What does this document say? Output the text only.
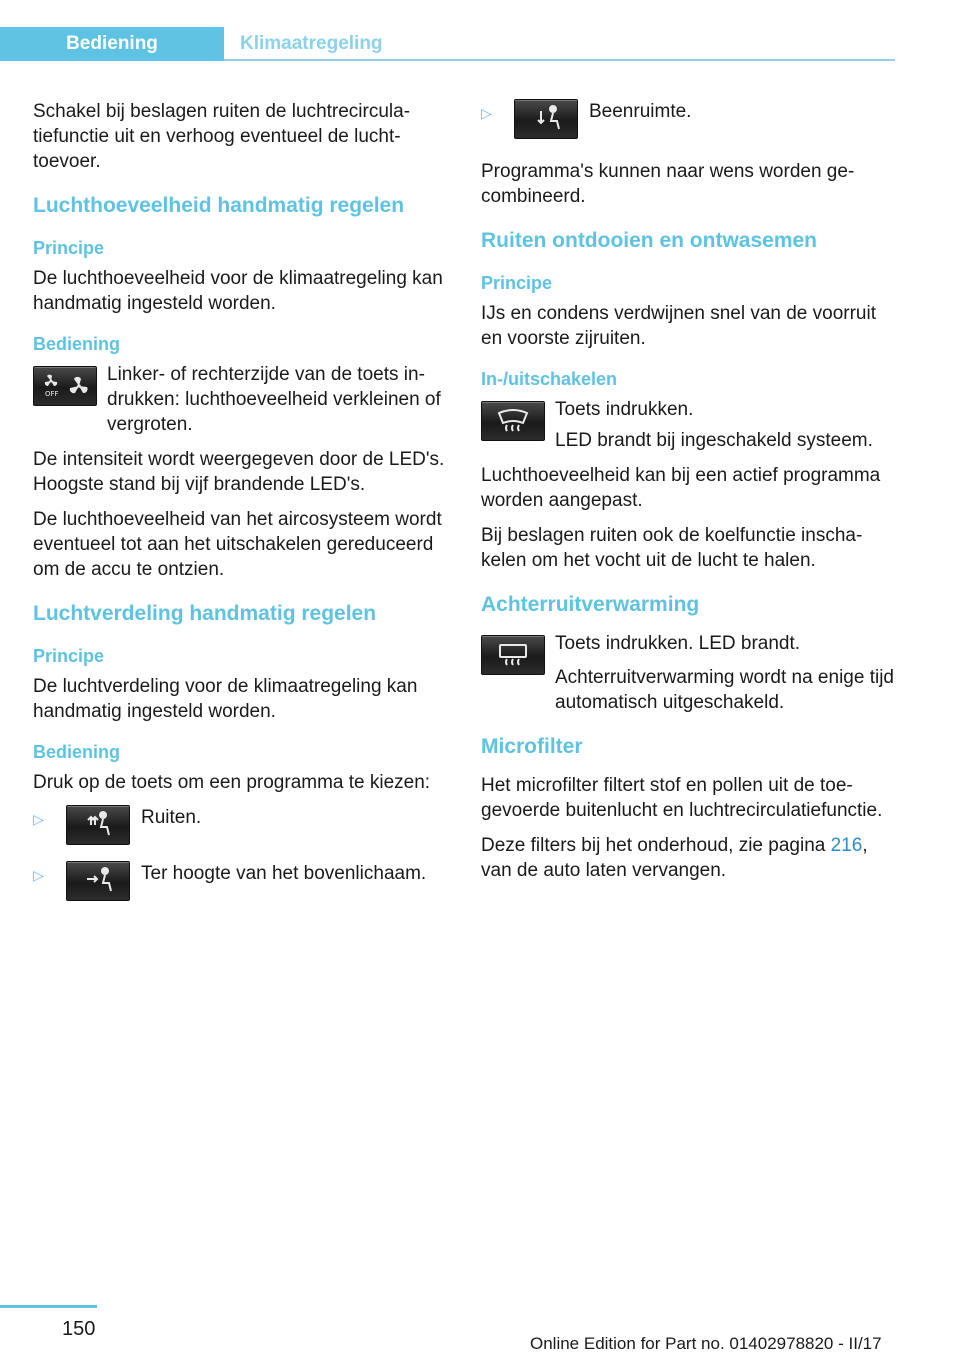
Bediening	Klimaatregeling

Schakel bij beslagen ruiten de luchtrecirculatiefunctie uit en verhoog eventueel de luchttoevoer.

Luchthoeveelheid handmatig regelen
Principe

De luchthoeveelheid voor de klimaatregeling kan handmatig ingesteld worden.

Bediening
OFF

Linker- of rechterzijde van de toets indrukken: luchthoeveelheid verkleinen of vergroten.

De intensiteit wordt weergegeven door de LED's. Hoogste stand bij vijf brandende LED's.

De luchthoeveelheid van het aircosysteem wordt eventueel tot aan het uitschakelen gereduceerd om de accu te ontzien.

Luchtverdeling handmatig regelen
Principe

De luchtverdeling voor de klimaatregeling kan handmatig ingesteld worden.

Bediening

Druk op de toets om een programma te kiezen:

▷	Ruiten.

▷	Ter hoogte van het bovenlichaam.

▷	Beenruimte.

Programma's kunnen naar wens worden gecombineerd.

Ruiten ontdooien en ontwasemen
Principe

IJs en condens verdwijnen snel van de voorruit en voorste zijruiten.

In-/uitschakelen

Toets indrukken.

LED brandt bij ingeschakeld systeem.

Luchthoeveelheid kan bij een actief programma worden aangepast.

Bij beslagen ruiten ook de koelfunctie inschakelen om het vocht uit de lucht te halen.

Achterruitverwarming

Toets indrukken. LED brandt.

Achterruitverwarming wordt na enige tijd automatisch uitgeschakeld.

Microfilter

Het microfilter filtert stof en pollen uit de toegevoerde buitenlucht en luchtrecirculatiefunctie.

Deze filters bij het onderhoud, zie pagina 216, van de auto laten vervangen.

150
Online Edition for Part no. 01402978820 - II/17
